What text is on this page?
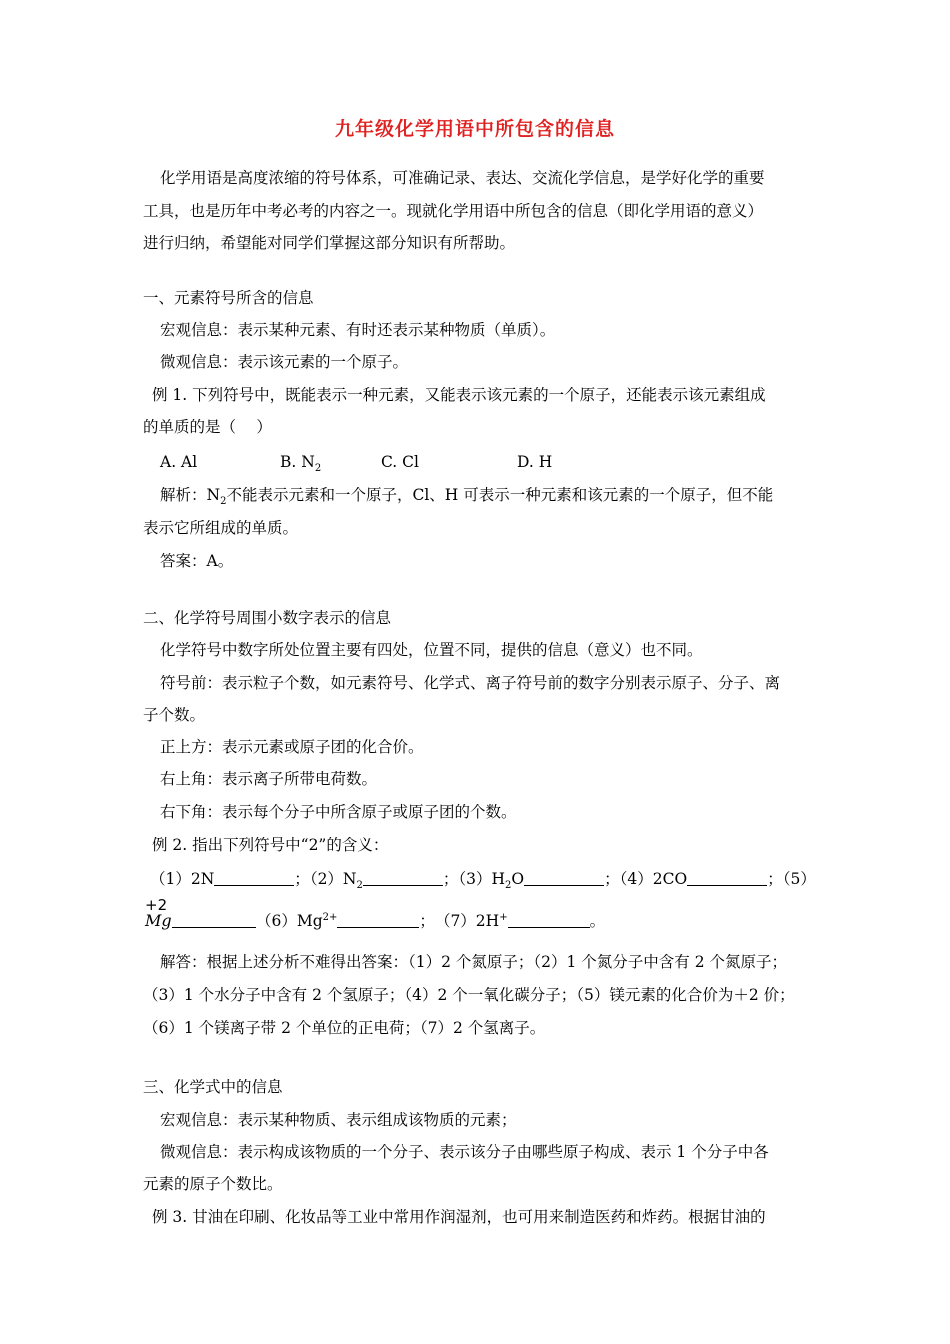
九年级化学用语中所包含的信息
化学用语是高度浓缩的符号体系，可准确记录、表达、交流化学信息，是学好化学的重要
工具，也是历年中考必考的内容之一。现就化学用语中所包含的信息（即化学用语的意义）
进行归纳，希望能对同学们掌握这部分知识有所帮助。
一、元素符号所含的信息
宏观信息：表示某种元素、有时还表示某种物质（单质）。
微观信息：表示该元素的一个原子。
例 1. 下列符号中，既能表示一种元素，又能表示该元素的一个原子，还能表示该元素组成
的单质的是（　 ）
A. Al	B. $N_2$	C. Cl	D. H
解析：$N_2$不能表示元素和一个原子，Cl、H 可表示一种元素和该元素的一个原子，但不能
表示它所组成的单质。
答案：A。
二、化学符号周围小数字表示的信息
化学符号中数字所处位置主要有四处，位置不同，提供的信息（意义）也不同。
符号前：表示粒子个数，如元素符号、化学式、离子符号前的数字分别表示原子、分子、离
子个数。
正上方：表示元素或原子团的化合价。
右上角：表示离子所带电荷数。
右下角：表示每个分子中所含原子或原子团的个数。
例 2. 指出下列符号中“2”的含义：
（1）2N	；$(2)N_2$	；$(3)H_2O$	；（4）2CO	；（5）
+2
Mg	$(6)Mg^{2+}$	；　 （7）2H+	。
解答：根据上述分析不难得出答案：（1）2 个氮原子；（2）1 个氮分子中含有 2 个氮原子；
（3）1 个水分子中含有 2 个氢原子；（4）2 个一氧化碳分子；（5）镁元素的化合价为＋2 价；
（6）1 个镁离子带 2 个单位的正电荷；（7）2 个氢离子。
三、化学式中的信息
宏观信息：表示某种物质、表示组成该物质的元素；
微观信息：表示构成该物质的一个分子、表示该分子由哪些原子构成、表示 1 个分子中各
元素的原子个数比。
例 3. 甘油在印刷、化妆品等工业中常用作润湿剂，也可用来制造医药和炸药。根据甘油的
